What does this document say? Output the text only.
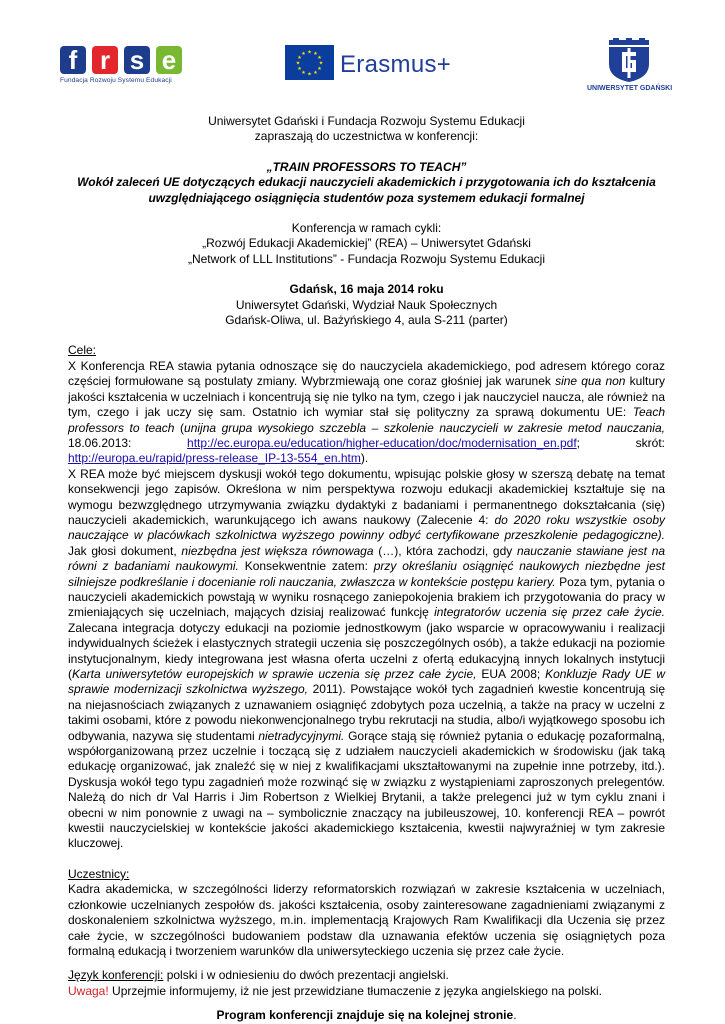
f r s e
Fundacja Rozwoju Systemu Edukacji
★ ★
★
★
★
★
★
★
★
★
★
★ Erasmus+
UNIWERSYTET GDAŃSKI

Uniwersytet Gdański i Fundacja Rozwoju Systemu Edukacji

zapraszają do uczestnictwa w konferencji:

„TRAIN PROFESSORS TO TEACH”

Wokół zaleceń UE dotyczących edukacji nauczycieli akademickich i przygotowania ich do kształcenia

uwzględniającego osiągnięcia studentów poza systemem edukacji formalnej

Konferencja w ramach cykli:

„Rozwój Edukacji Akademickiej” (REA) – Uniwersytet Gdański

„Network of LLL Institutions” - Fundacja Rozwoju Systemu Edukacji

Gdańsk, 16 maja 2014 roku

Uniwersytet Gdański, Wydział Nauk Społecznych

Gdańsk-Oliwa, ul. Bażyńskiego 4, aula S-211 (parter)

Cele:

X Konferencja REA stawia pytania odnoszące się do nauczyciela akademickiego, pod adresem którego coraz częściej formułowane są postulaty zmiany. Wybrzmiewają one coraz głośniej jak warunek sine qua non kultury jakości kształcenia w uczelniach i koncentrują się nie tylko na tym, czego i jak nauczyciel naucza, ale również na tym, czego i jak uczy się sam. Ostatnio ich wymiar stał się polityczny za sprawą dokumentu UE: Teach professors to teach (unijna grupa wysokiego szczebla – szkolenie nauczycieli w zakresie metod nauczania, 18.06.2013: http://ec.europa.eu/education/higher-education/doc/modernisation_en.pdf; skrót: http://europa.eu/rapid/press-release_IP-13-554_en.htm).

X REA może być miejscem dyskusji wokół tego dokumentu, wpisując polskie głosy w szerszą debatę na temat konsekwencji jego zapisów. Określona w nim perspektywa rozwoju edukacji akademickiej kształtuje się na wymogu bezwzględnego utrzymywania związku dydaktyki z badaniami i permanentnego dokształcania (się) nauczycieli akademickich, warunkującego ich awans naukowy (Zalecenie 4: do 2020 roku wszystkie osoby nauczające w placówkach szkolnictwa wyższego powinny odbyć certyfikowane przeszkolenie pedagogiczne). Jak głosi dokument, niezbędna jest większa równowaga (…), która zachodzi, gdy nauczanie stawiane jest na równi z badaniami naukowymi. Konsekwentnie zatem: przy określaniu osiągnięć naukowych niezbędne jest silniejsze podkreślanie i docenianie roli nauczania, zwłaszcza w kontekście postępu kariery. Poza tym, pytania o nauczycieli akademickich powstają w wyniku rosnącego zaniepokojenia brakiem ich przygotowania do pracy w zmieniających się uczelniach, mających dzisiaj realizować funkcję integratorów uczenia się przez całe życie. Zalecana integracja dotyczy edukacji na poziomie jednostkowym (jako wsparcie w opracowywaniu i realizacji indywidualnych ścieżek i elastycznych strategii uczenia się poszczególnych osób), a także edukacji na poziomie instytucjonalnym, kiedy integrowana jest własna oferta uczelni z ofertą edukacyjną innych lokalnych instytucji (Karta uniwersytetów europejskich w sprawie uczenia się przez całe życie, EUA 2008; Konkluzje Rady UE w sprawie modernizacji szkolnictwa wyższego, 2011). Powstające wokół tych zagadnień kwestie koncentrują się na niejasnościach związanych z uznawaniem osiągnięć zdobytych poza uczelnią, a także na pracy w uczelni z takimi osobami, które z powodu niekonwencjonalnego trybu rekrutacji na studia, albo/i wyjątkowego sposobu ich odbywania, nazywa się studentami nietradycyjnymi. Gorące stają się również pytania o edukację pozaformalną, współorganizowaną przez uczelnie i toczącą się z udziałem nauczycieli akademickich w środowisku (jak taką edukację organizować, jak znaleźć się w niej z kwalifikacjami ukształtowanymi na zupełnie inne potrzeby, itd.). Dyskusja wokół tego typu zagadnień może rozwinąć się w związku z wystąpieniami zaproszonych prelegentów. Należą do nich dr Val Harris i Jim Robertson z Wielkiej Brytanii, a także prelegenci już w tym cyklu znani i obecni w nim ponownie z uwagi na – symbolicznie znaczący na jubileuszowej, 10. konferencji REA – powrót kwestii nauczycielskiej w kontekście jakości akademickiego kształcenia, kwestii najwyraźniej w tym zakresie kluczowej.

Uczestnicy:

Kadra akademicka, w szczególności liderzy reformatorskich rozwiązań w zakresie kształcenia w uczelniach, członkowie uczelnianych zespołów ds. jakości kształcenia, osoby zainteresowane zagadnieniami związanymi z doskonaleniem szkolnictwa wyższego, m.in. implementacją Krajowych Ram Kwalifikacji dla Uczenia się przez całe życie, w szczególności budowaniem podstaw dla uznawania efektów uczenia się osiągniętych poza formalną edukacją i tworzeniem warunków dla uniwersyteckiego uczenia się przez całe życie.

Język konferencji: polski i w odniesieniu do dwóch prezentacji angielski.

Uwaga! Uprzejmie informujemy, iż nie jest przewidziane tłumaczenie z języka angielskiego na polski.

Program konferencji znajduje się na kolejnej stronie.
